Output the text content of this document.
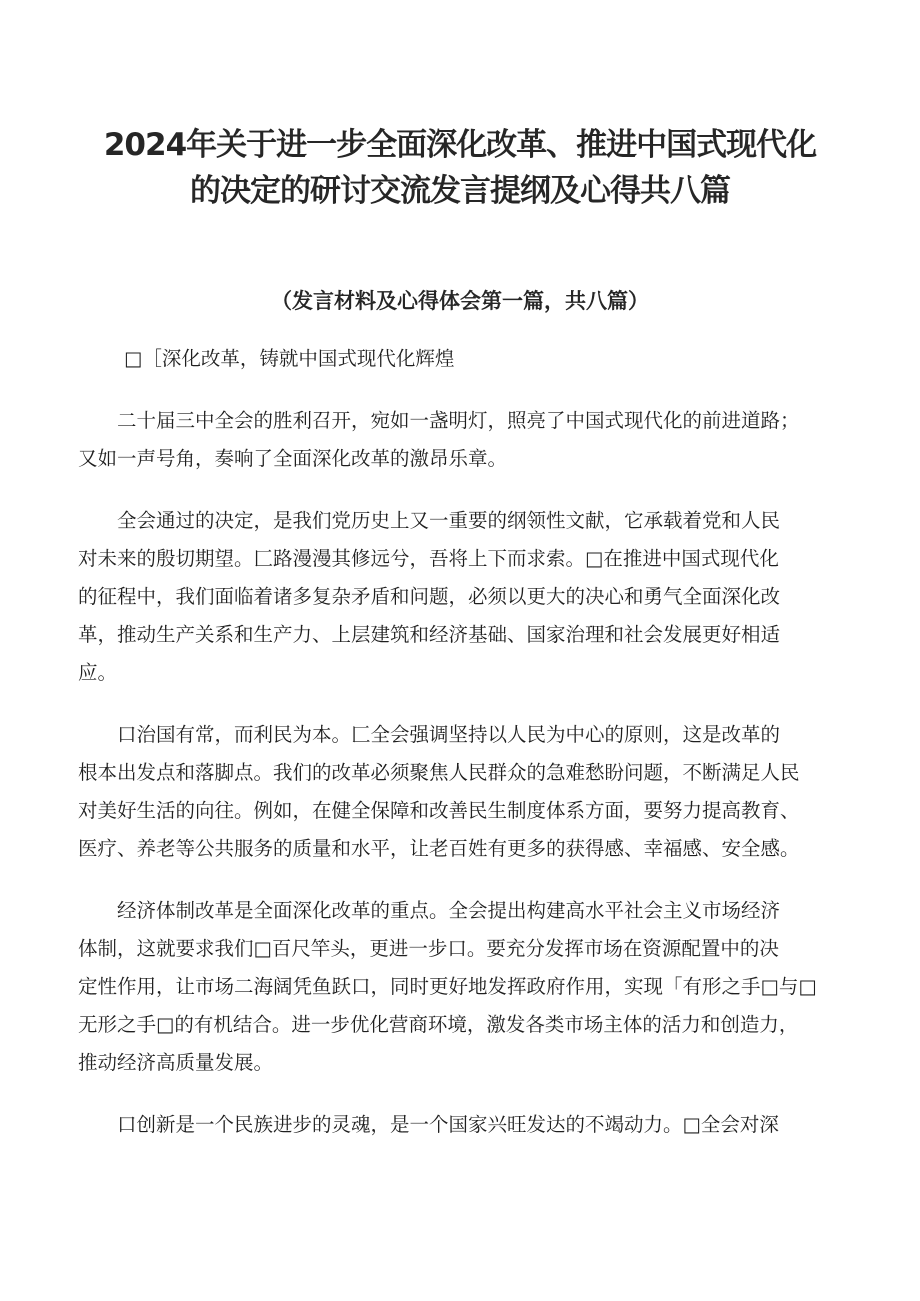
2024年关于进一步全面深化改革、推进中国式现代化
的决定的研讨交流发言提纲及心得共八篇
（发言材料及心得体会第一篇，共八篇）

□［深化改革，铸就中国式现代化辉煌

二十届三中全会的胜利召开，宛如一盏明灯，照亮了中国式现代化的前进道路；
又如一声号角，奏响了全面深化改革的激昂乐章。

全会通过的决定，是我们党历史上又一重要的纲领性文献，它承载着党和人民
对未来的殷切期望。匚路漫漫其修远兮，吾将上下而求索。□在推进中国式现代化
的征程中，我们面临着诸多复杂矛盾和问题，必须以更大的决心和勇气全面深化改
革，推动生产关系和生产力、上层建筑和经济基础、国家治理和社会发展更好相适
应。

口治国有常，而利民为本。匚全会强调坚持以人民为中心的原则，这是改革的
根本出发点和落脚点。我们的改革必须聚焦人民群众的急难愁盼问题，不断满足人民
对美好生活的向往。例如，在健全保障和改善民生制度体系方面，要努力提高教育、
医疗、养老等公共服务的质量和水平，让老百姓有更多的获得感、幸福感、安全感。

经济体制改革是全面深化改革的重点。全会提出构建高水平社会主义市场经济
体制，这就要求我们□百尺竿头，更进一步口。要充分发挥市场在资源配置中的决
定性作用，让市场二海阔凭鱼跃口，同时更好地发挥政府作用，实现「有形之手□与□
无形之手□的有机结合。进一步优化营商环境，激发各类市场主体的活力和创造力，
推动经济高质量发展。

口创新是一个民族进步的灵魂，是一个国家兴旺发达的不竭动力。□全会对深
